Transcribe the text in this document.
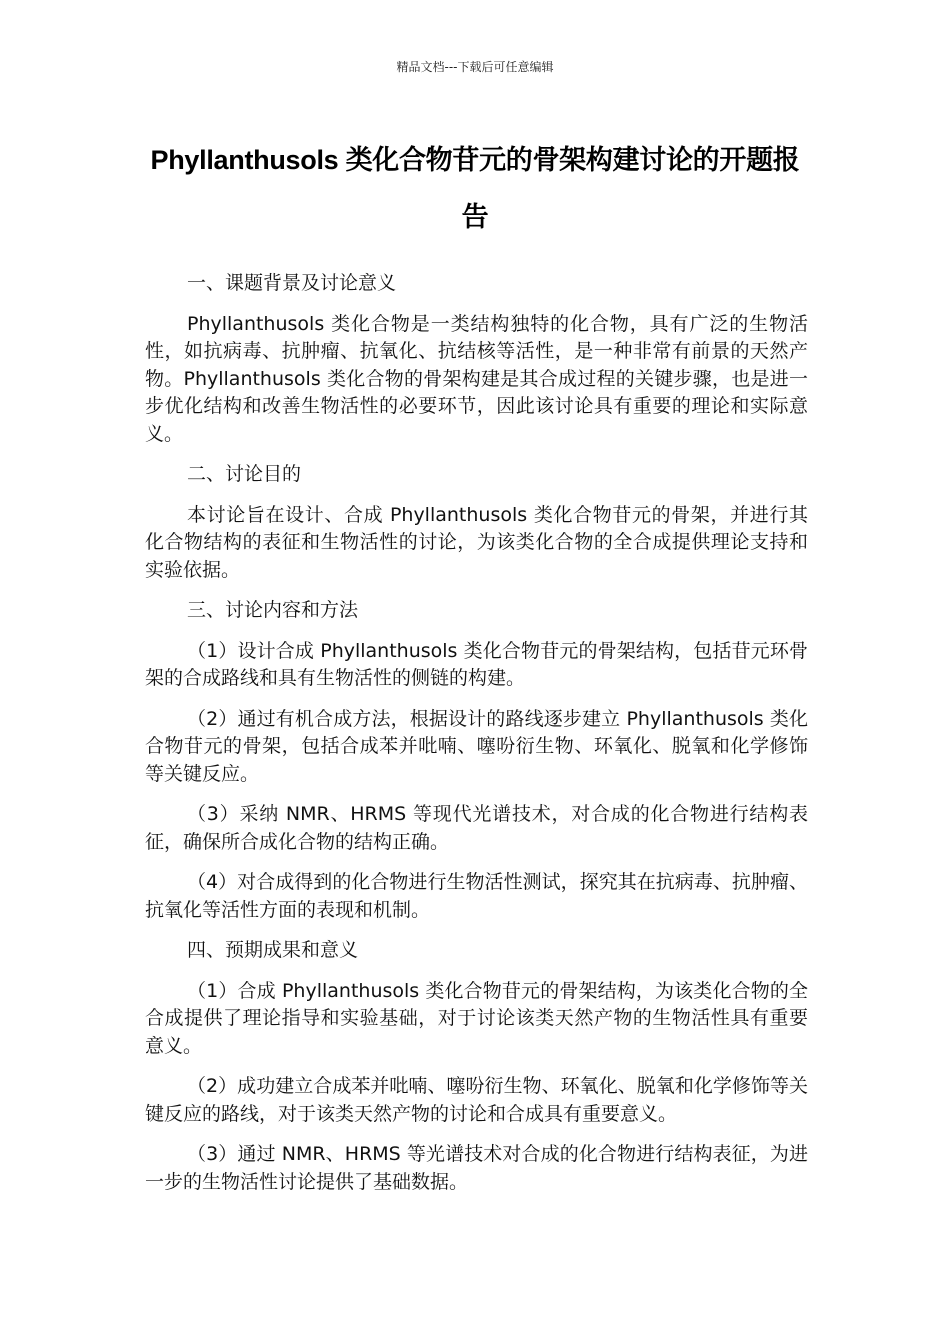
精品文档---下载后可任意编辑
Phyllanthusols 类化合物苷元的骨架构建讨论的开题报告
一、课题背景及讨论意义
Phyllanthusols 类化合物是一类结构独特的化合物，具有广泛的生物活性，如抗病毒、抗肿瘤、抗氧化、抗结核等活性，是一种非常有前景的天然产物。Phyllanthusols 类化合物的骨架构建是其合成过程的关键步骤，也是进一步优化结构和改善生物活性的必要环节，因此该讨论具有重要的理论和实际意义。
二、讨论目的
本讨论旨在设计、合成 Phyllanthusols 类化合物苷元的骨架，并进行其化合物结构的表征和生物活性的讨论，为该类化合物的全合成提供理论支持和实验依据。
三、讨论内容和方法
（1）设计合成 Phyllanthusols 类化合物苷元的骨架结构，包括苷元环骨架的合成路线和具有生物活性的侧链的构建。
（2）通过有机合成方法，根据设计的路线逐步建立 Phyllanthusols 类化合物苷元的骨架，包括合成苯并吡喃、噻吩衍生物、环氧化、脱氧和化学修饰等关键反应。
（3）采纳 NMR、HRMS 等现代光谱技术，对合成的化合物进行结构表征，确保所合成化合物的结构正确。
（4）对合成得到的化合物进行生物活性测试，探究其在抗病毒、抗肿瘤、抗氧化等活性方面的表现和机制。
四、预期成果和意义
（1）合成 Phyllanthusols 类化合物苷元的骨架结构，为该类化合物的全合成提供了理论指导和实验基础，对于讨论该类天然产物的生物活性具有重要意义。
（2）成功建立合成苯并吡喃、噻吩衍生物、环氧化、脱氧和化学修饰等关键反应的路线，对于该类天然产物的讨论和合成具有重要意义。
（3）通过 NMR、HRMS 等光谱技术对合成的化合物进行结构表征，为进一步的生物活性讨论提供了基础数据。
